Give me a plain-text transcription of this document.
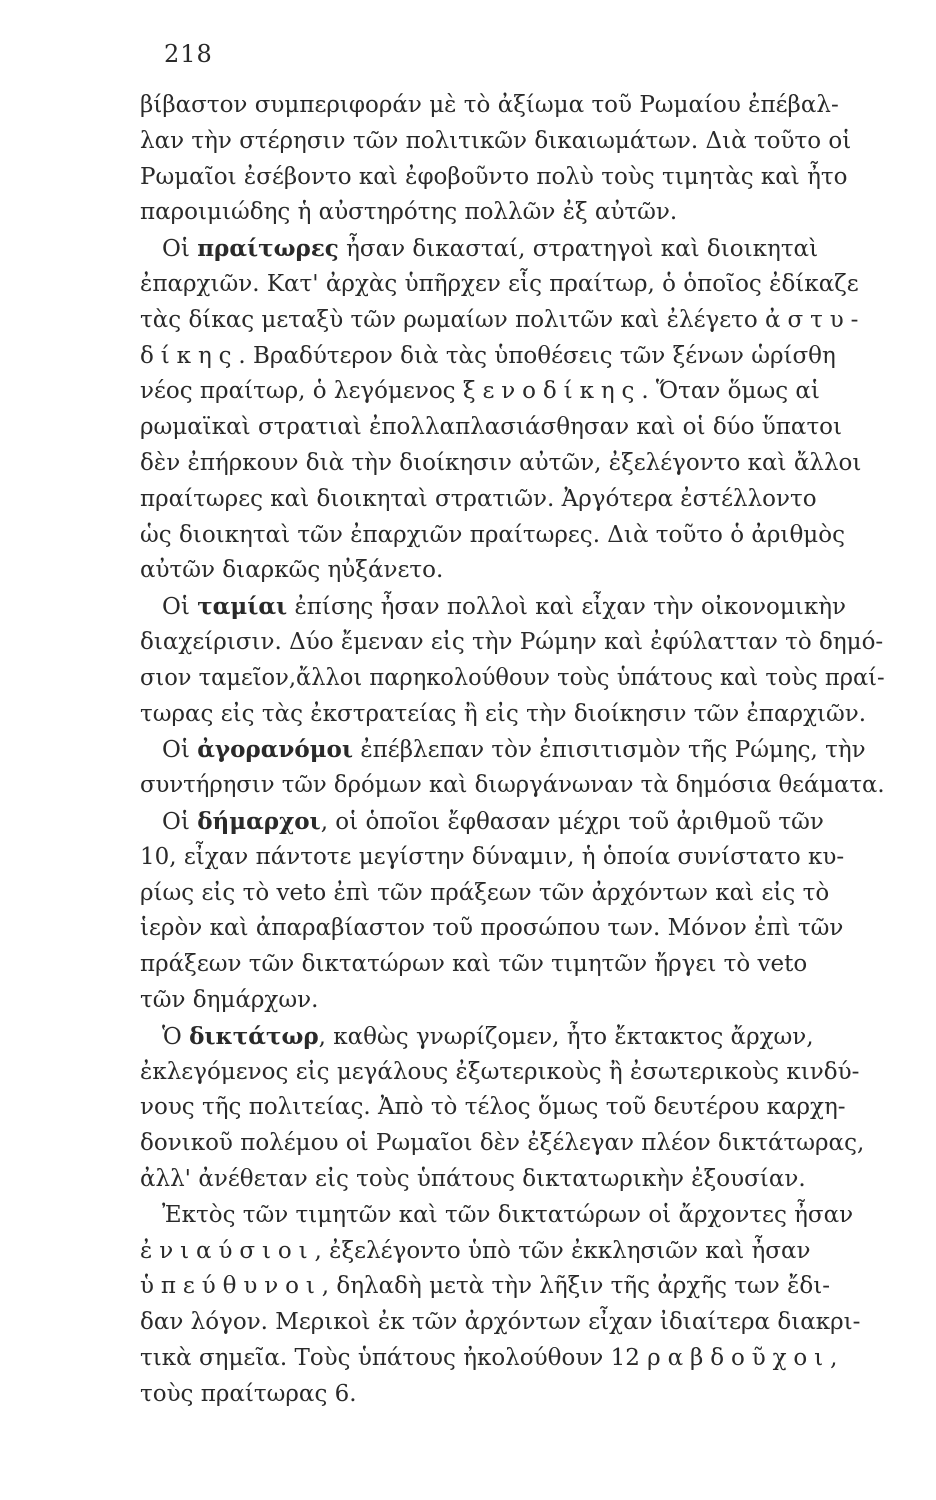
218
βίβαστον συμπεριφοράν μὲ τὸ ἀξίωμα τοῦ Ρωμαίου ἐπέβαλ-
λαν τὴν στέρησιν τῶν πολιτικῶν δικαιωμάτων. Διὰ τοῦτο οἱ
Ρωμαῖοι ἐσέβοντο καὶ ἐφοβοῦντο πολὺ τοὺς τιμητὰς καὶ ἦτο
παροιμιώδης ἡ αὐστηρότης πολλῶν ἐξ αὐτῶν.
Οἱ πραίτωρες ἦσαν δικασταί, στρατηγοὶ καὶ διοικηταὶ
ἐπαρχιῶν. Κατ' ἀρχὰς ὑπῆρχεν εἷς πραίτωρ, ὁ ὁποῖος ἐδίκαζε
τὰς δίκας μεταξὺ τῶν ρωμαίων πολιτῶν καὶ ἐλέγετο ἀστυ-
δίκης. Βραδύτερον διὰ τὰς ὑποθέσεις τῶν ξένων ὡρίσθη
νέος πραίτωρ, ὁ λεγόμενος ξενοδίκης. Ὅταν ὅμως αἱ
ρωμαϊκαὶ στρατιαὶ ἐπολλαπλασιάσθησαν καὶ οἱ δύο ὕπατοι
δὲν ἐπήρκουν διὰ τὴν διοίκησιν αὐτῶν, ἐξελέγοντο καὶ ἄλλοι
πραίτωρες καὶ διοικηταὶ στρατιῶν. Ἀργότερα ἐστέλλοντο
ὡς διοικηταὶ τῶν ἐπαρχιῶν πραίτωρες. Διὰ τοῦτο ὁ ἀριθμὸς
αὐτῶν διαρκῶς ηὐξάνετο.
Οἱ ταμίαι ἐπίσης ἦσαν πολλοὶ καὶ εἶχαν τὴν οἰκονομικὴν
διαχείρισιν. Δύο ἔμεναν εἰς τὴν Ρώμην καὶ ἐφύλατταν τὸ δημό-
σιον ταμεῖον,ἄλλοι παρηκολούθουν τοὺς ὑπάτους καὶ τοὺς πραί-
τωρας εἰς τὰς ἐκστρατείας ἢ εἰς τὴν διοίκησιν τῶν ἐπαρχιῶν.
Οἱ ἀγορανόμοι ἐπέβλεπαν τὸν ἐπισιτισμὸν τῆς Ρώμης, τὴν
συντήρησιν τῶν δρόμων καὶ διωργάνωναν τὰ δημόσια θεάματα.
Οἱ δήμαρχοι, οἱ ὁποῖοι ἔφθασαν μέχρι τοῦ ἀριθμοῦ τῶν
10, εἶχαν πάντοτε μεγίστην δύναμιν, ἡ ὁποία συνίστατο κυ-
ρίως εἰς τὸ veto ἐπὶ τῶν πράξεων τῶν ἀρχόντων καὶ εἰς τὸ
ἱερὸν καὶ ἀπαραβίαστον τοῦ προσώπου των. Μόνον ἐπὶ τῶν
πράξεων τῶν δικτατώρων καὶ τῶν τιμητῶν ἤργει τὸ veto
τῶν δημάρχων.
Ὁ δικτάτωρ, καθὼς γνωρίζομεν, ἦτο ἔκτακτος ἄρχων,
ἐκλεγόμενος εἰς μεγάλους ἐξωτερικοὺς ἢ ἐσωτερικοὺς κινδύ-
νους τῆς πολιτείας. Ἀπὸ τὸ τέλος ὅμως τοῦ δευτέρου καρχη-
δονικοῦ πολέμου οἱ Ρωμαῖοι δὲν ἐξέλεγαν πλέον δικτάτωρας,
ἀλλ' ἀνέθεταν εἰς τοὺς ὑπάτους δικτατωρικὴν ἐξουσίαν.
Ἐκτὸς τῶν τιμητῶν καὶ τῶν δικτατώρων οἱ ἄρχοντες ἦσαν
ἐνιαύσιοι, ἐξελέγοντο ὑπὸ τῶν ἐκκλησιῶν καὶ ἦσαν
ὑπεύθυνοι, δηλαδὴ μετὰ τὴν λῆξιν τῆς ἀρχῆς των ἔδι-
δαν λόγον. Μερικοὶ ἐκ τῶν ἀρχόντων εἶχαν ἰδιαίτερα διακρι-
τικὰ σημεῖα. Τοὺς ὑπάτους ἠκολούθουν 12 ραβδοῦχοι,
τοὺς πραίτωρας 6.
